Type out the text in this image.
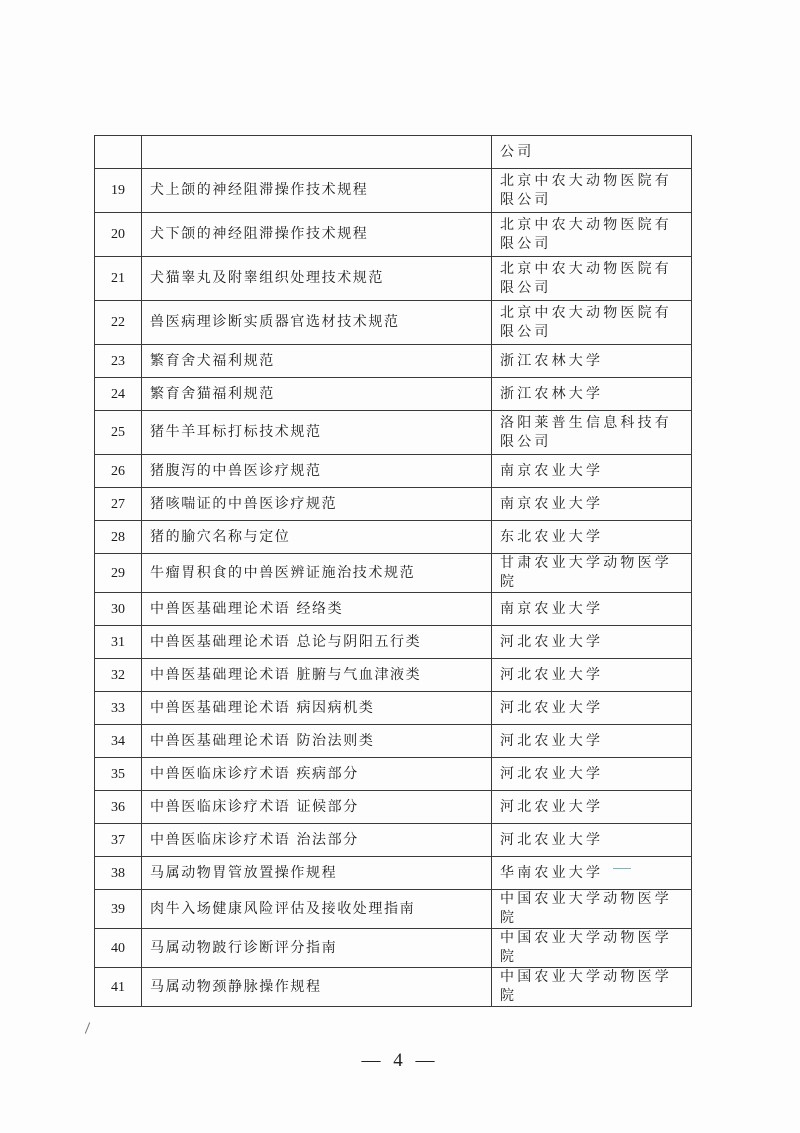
		公司
19	犬上颌的神经阻滞操作技术规程	北京中农大动物医院有限公司
20	犬下颌的神经阻滞操作技术规程	北京中农大动物医院有限公司
21	犬猫睾丸及附睾组织处理技术规范	北京中农大动物医院有限公司
22	兽医病理诊断实质器官选材技术规范	北京中农大动物医院有限公司
23	繁育舍犬福利规范	浙江农林大学
24	繁育舍猫福利规范	浙江农林大学
25	猪牛羊耳标打标技术规范	洛阳莱普生信息科技有限公司
26	猪腹泻的中兽医诊疗规范	南京农业大学
27	猪咳喘证的中兽医诊疗规范	南京农业大学
28	猪的腧穴名称与定位	东北农业大学
29	牛瘤胃积食的中兽医辨证施治技术规范	甘肃农业大学动物医学院
30	中兽医基础理论术语 经络类	南京农业大学
31	中兽医基础理论术语 总论与阴阳五行类	河北农业大学
32	中兽医基础理论术语 脏腑与气血津液类	河北农业大学
33	中兽医基础理论术语 病因病机类	河北农业大学
34	中兽医基础理论术语 防治法则类	河北农业大学
35	中兽医临床诊疗术语 疾病部分	河北农业大学
36	中兽医临床诊疗术语 证候部分	河北农业大学
37	中兽医临床诊疗术语 治法部分	河北农业大学
38	马属动物胃管放置操作规程	华南农业大学
39	肉牛入场健康风险评估及接收处理指南	中国农业大学动物医学院
40	马属动物跛行诊断评分指南	中国农业大学动物医学院
41	马属动物颈静脉操作规程	中国农业大学动物医学院
— 4 —
